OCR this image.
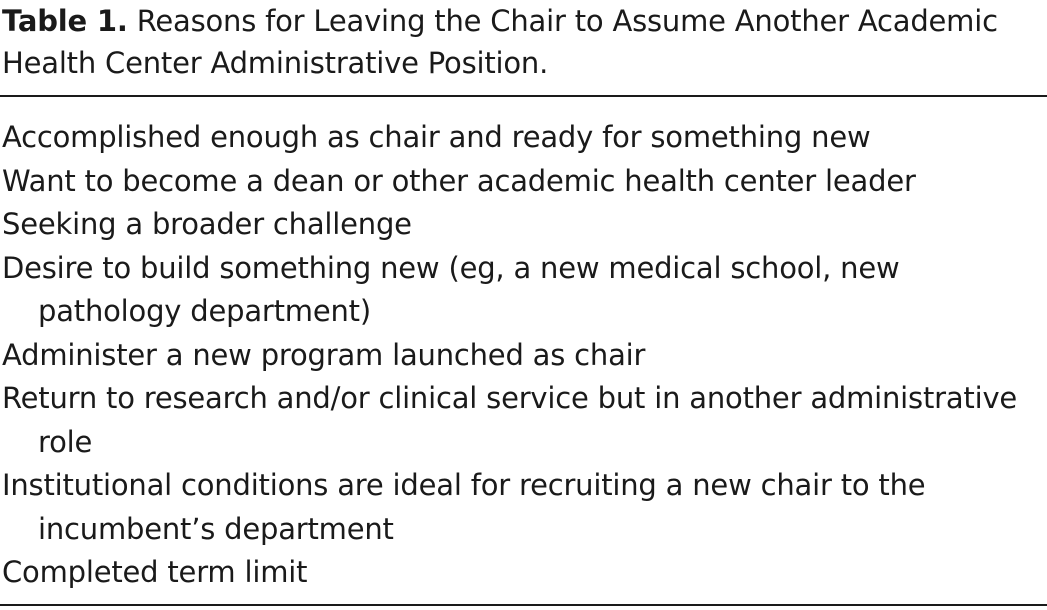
Table 1. Reasons for Leaving the Chair to Assume Another Academic Health Center Administrative Position.
Accomplished enough as chair and ready for something new
Want to become a dean or other academic health center leader
Seeking a broader challenge
Desire to build something new (eg, a new medical school, new pathology department)
Administer a new program launched as chair
Return to research and/or clinical service but in another administrative role
Institutional conditions are ideal for recruiting a new chair to the incumbent’s department
Completed term limit
